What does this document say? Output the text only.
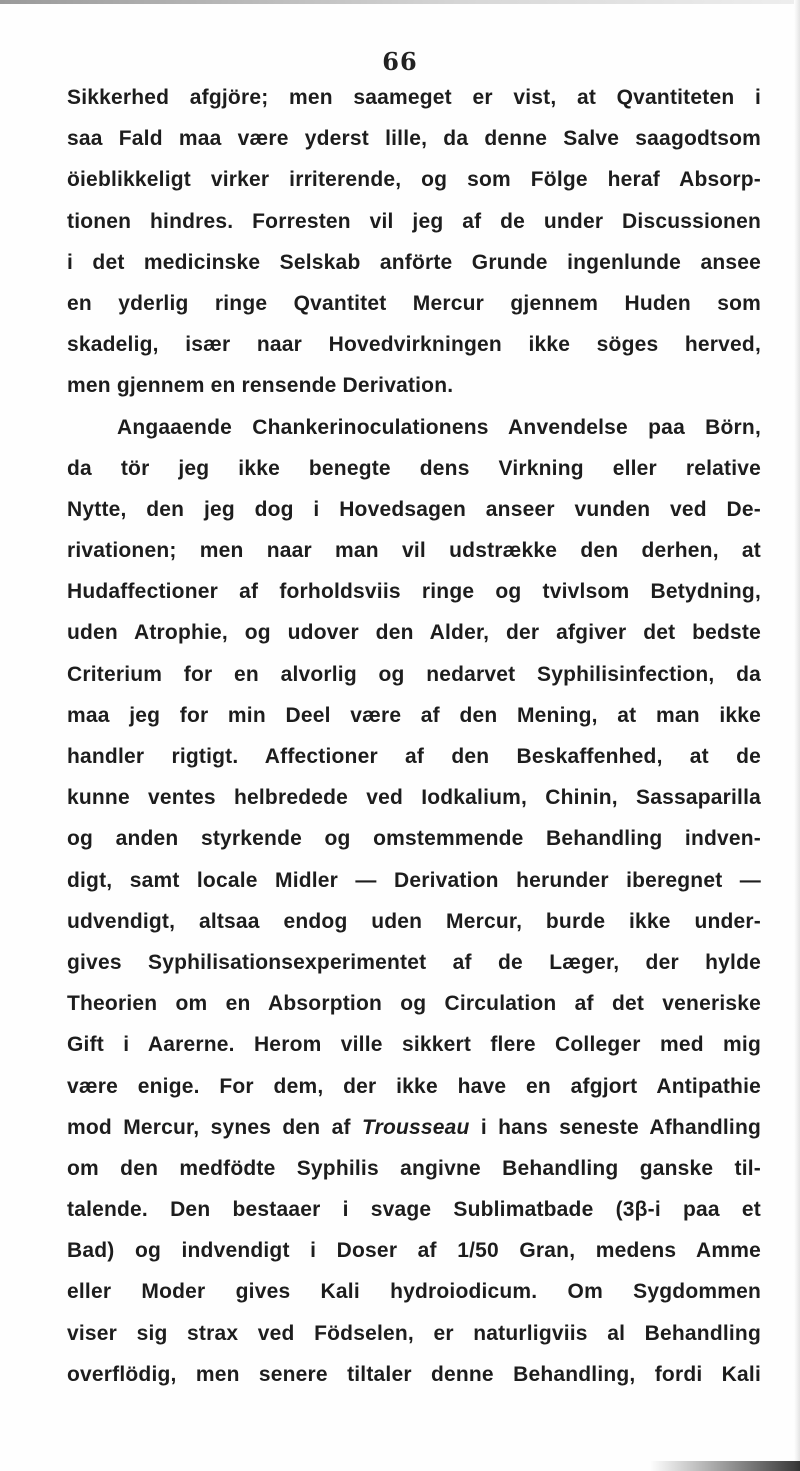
66
Sikkerhed afgjöre; men saameget er vist, at Qvantiteten i
saa Fald maa være yderst lille, da denne Salve saagodtsom
öieblikkeligt virker irriterende, og som Fölge heraf Absorp-
tionen hindres. Forresten vil jeg af de under Discussionen
i det medicinske Selskab anförte Grunde ingenlunde ansee
en yderlig ringe Qvantitet Mercur gjennem Huden som
skadelig, især naar Hovedvirkningen ikke söges herved,
men gjennem en rensende Derivation.
Angaaende Chankerinoculationens Anvendelse paa Börn,
da tör jeg ikke benegte dens Virkning eller relative
Nytte, den jeg dog i Hovedsagen anseer vunden ved De-
rivationen; men naar man vil udstrække den derhen, at
Hudaffectioner af forholdsviis ringe og tvivlsom Betydning,
uden Atrophie, og udover den Alder, der afgiver det bedste
Criterium for en alvorlig og nedarvet Syphilisinfection, da
maa jeg for min Deel være af den Mening, at man ikke
handler rigtigt. Affectioner af den Beskaffenhed, at de
kunne ventes helbredede ved Iodkalium, Chinin, Sassaparilla
og anden styrkende og omstemmende Behandling indven-
digt, samt locale Midler — Derivation herunder iberegnet —
udvendigt, altsaa endog uden Mercur, burde ikke under-
gives Syphilisationsexperimentet af de Læger, der hylde
Theorien om en Absorption og Circulation af det veneriske
Gift i Aarerne. Herom ville sikkert flere Colleger med mig
være enige. For dem, der ikke have en afgjort Antipathie
mod Mercur, synes den af Trousseau i hans seneste Afhandling
om den medfödte Syphilis angivne Behandling ganske til-
talende. Den bestaaer i svage Sublimatbade (3β-i paa et
Bad) og indvendigt i Doser af 1/50 Gran, medens Amme
eller Moder gives Kali hydroiodicum. Om Sygdommen
viser sig strax ved Födselen, er naturligviis al Behandling
overflödig, men senere tiltaler denne Behandling, fordi Kali
